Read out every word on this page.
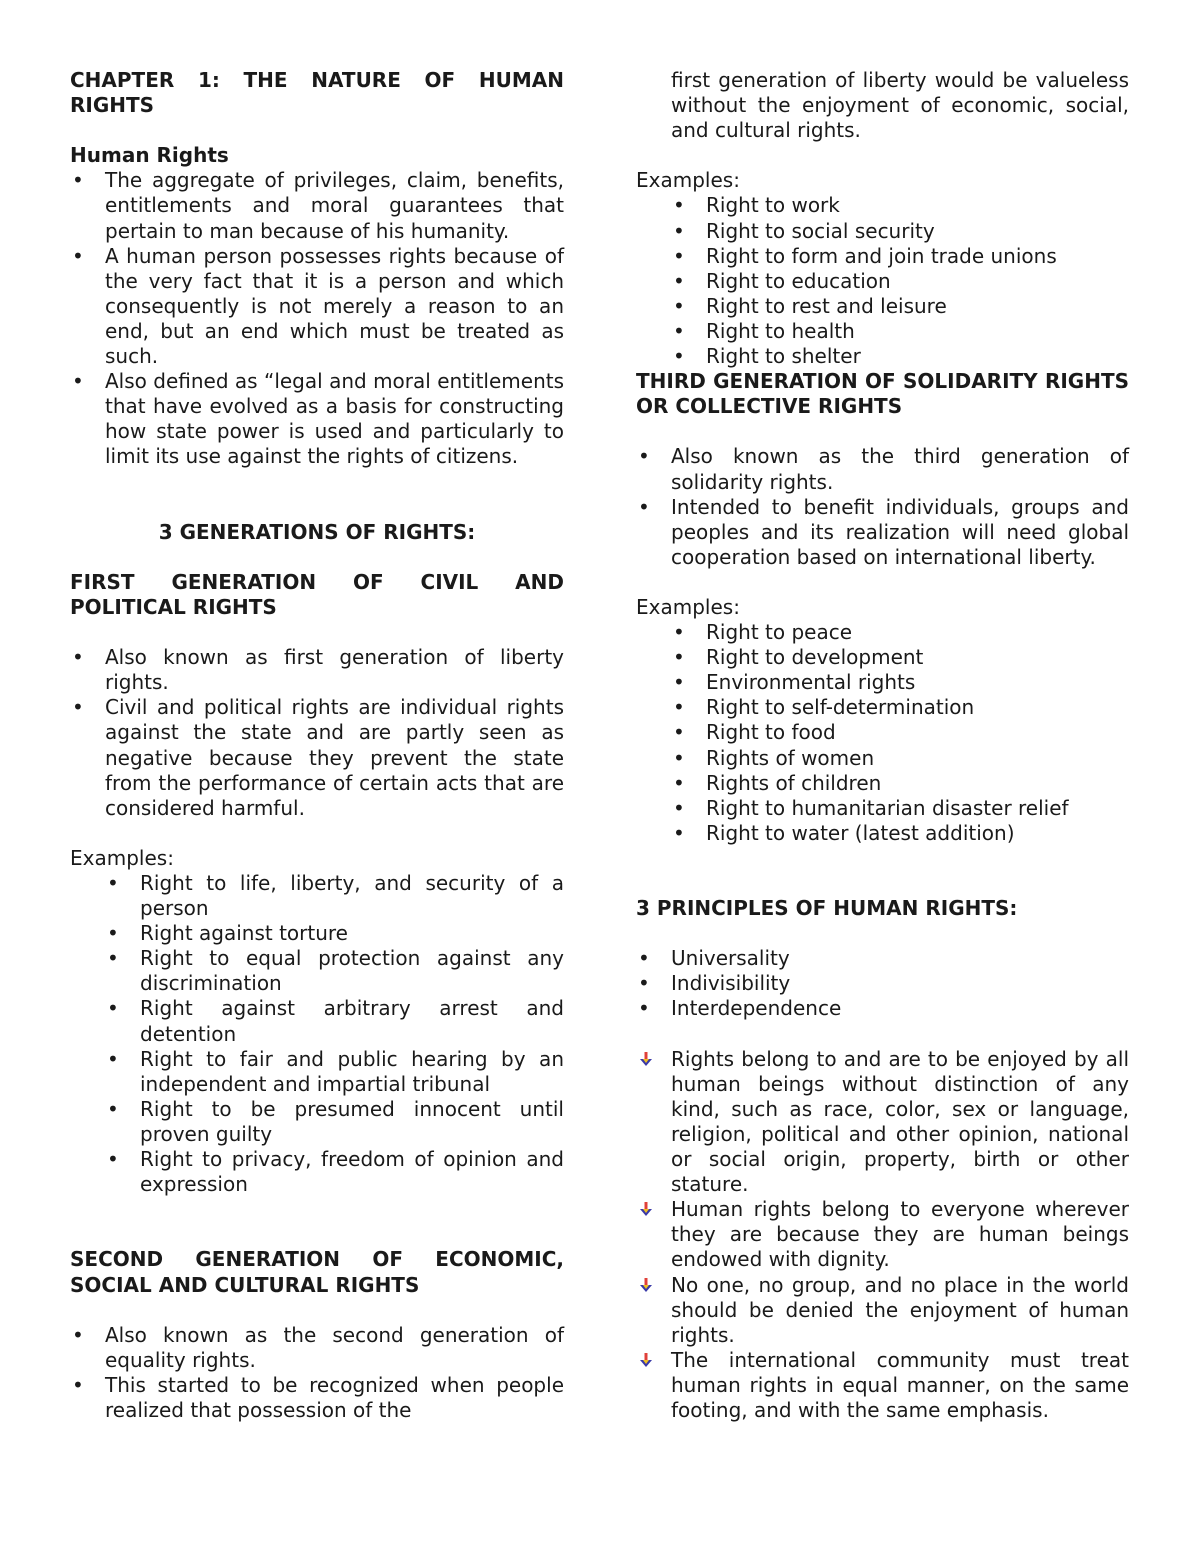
CHAPTER 1: THE NATURE OF HUMAN RIGHTS
Human Rights
• The aggregate of privileges, claim, benefits, entitlements and moral guarantees that pertain to man because of his humanity.
• A human person possesses rights because of the very fact that it is a person and which consequently is not merely a reason to an end, but an end which must be treated as such.
• Also defined as “legal and moral entitlements that have evolved as a basis for constructing how state power is used and particularly to limit its use against the rights of citizens.
3 GENERATIONS OF RIGHTS:
FIRST GENERATION OF CIVIL AND POLITICAL RIGHTS
• Also known as first generation of liberty rights.
• Civil and political rights are individual rights against the state and are partly seen as negative because they prevent the state from the performance of certain acts that are considered harmful.
Examples:
• Right to life, liberty, and security of a person
• Right against torture
• Right to equal protection against any discrimination
• Right against arbitrary arrest and detention
• Right to fair and public hearing by an independent and impartial tribunal
• Right to be presumed innocent until proven guilty
• Right to privacy, freedom of opinion and expression
SECOND GENERATION OF ECONOMIC, SOCIAL AND CULTURAL RIGHTS
• Also known as the second generation of equality rights.
• This started to be recognized when people realized that possession of the
first generation of liberty would be valueless without the enjoyment of economic, social, and cultural rights.
Examples:
• Right to work
• Right to social security
• Right to form and join trade unions
• Right to education
• Right to rest and leisure
• Right to health
• Right to shelter
THIRD GENERATION OF SOLIDARITY RIGHTS OR COLLECTIVE RIGHTS
• Also known as the third generation of solidarity rights.
• Intended to benefit individuals, groups and peoples and its realization will need global cooperation based on international liberty.
Examples:
• Right to peace
• Right to development
• Environmental rights
• Right to self-determination
• Right to food
• Rights of women
• Rights of children
• Right to humanitarian disaster relief
• Right to water (latest addition)
3 PRINCIPLES OF HUMAN RIGHTS:
• Universality
• Indivisibility
• Interdependence
Rights belong to and are to be enjoyed by all human beings without distinction of any kind, such as race, color, sex or language, religion, political and other opinion, national or social origin, property, birth or other stature.
Human rights belong to everyone wherever they are because they are human beings endowed with dignity.
No one, no group, and no place in the world should be denied the enjoyment of human rights.
The international community must treat human rights in equal manner, on the same footing, and with the same emphasis.
